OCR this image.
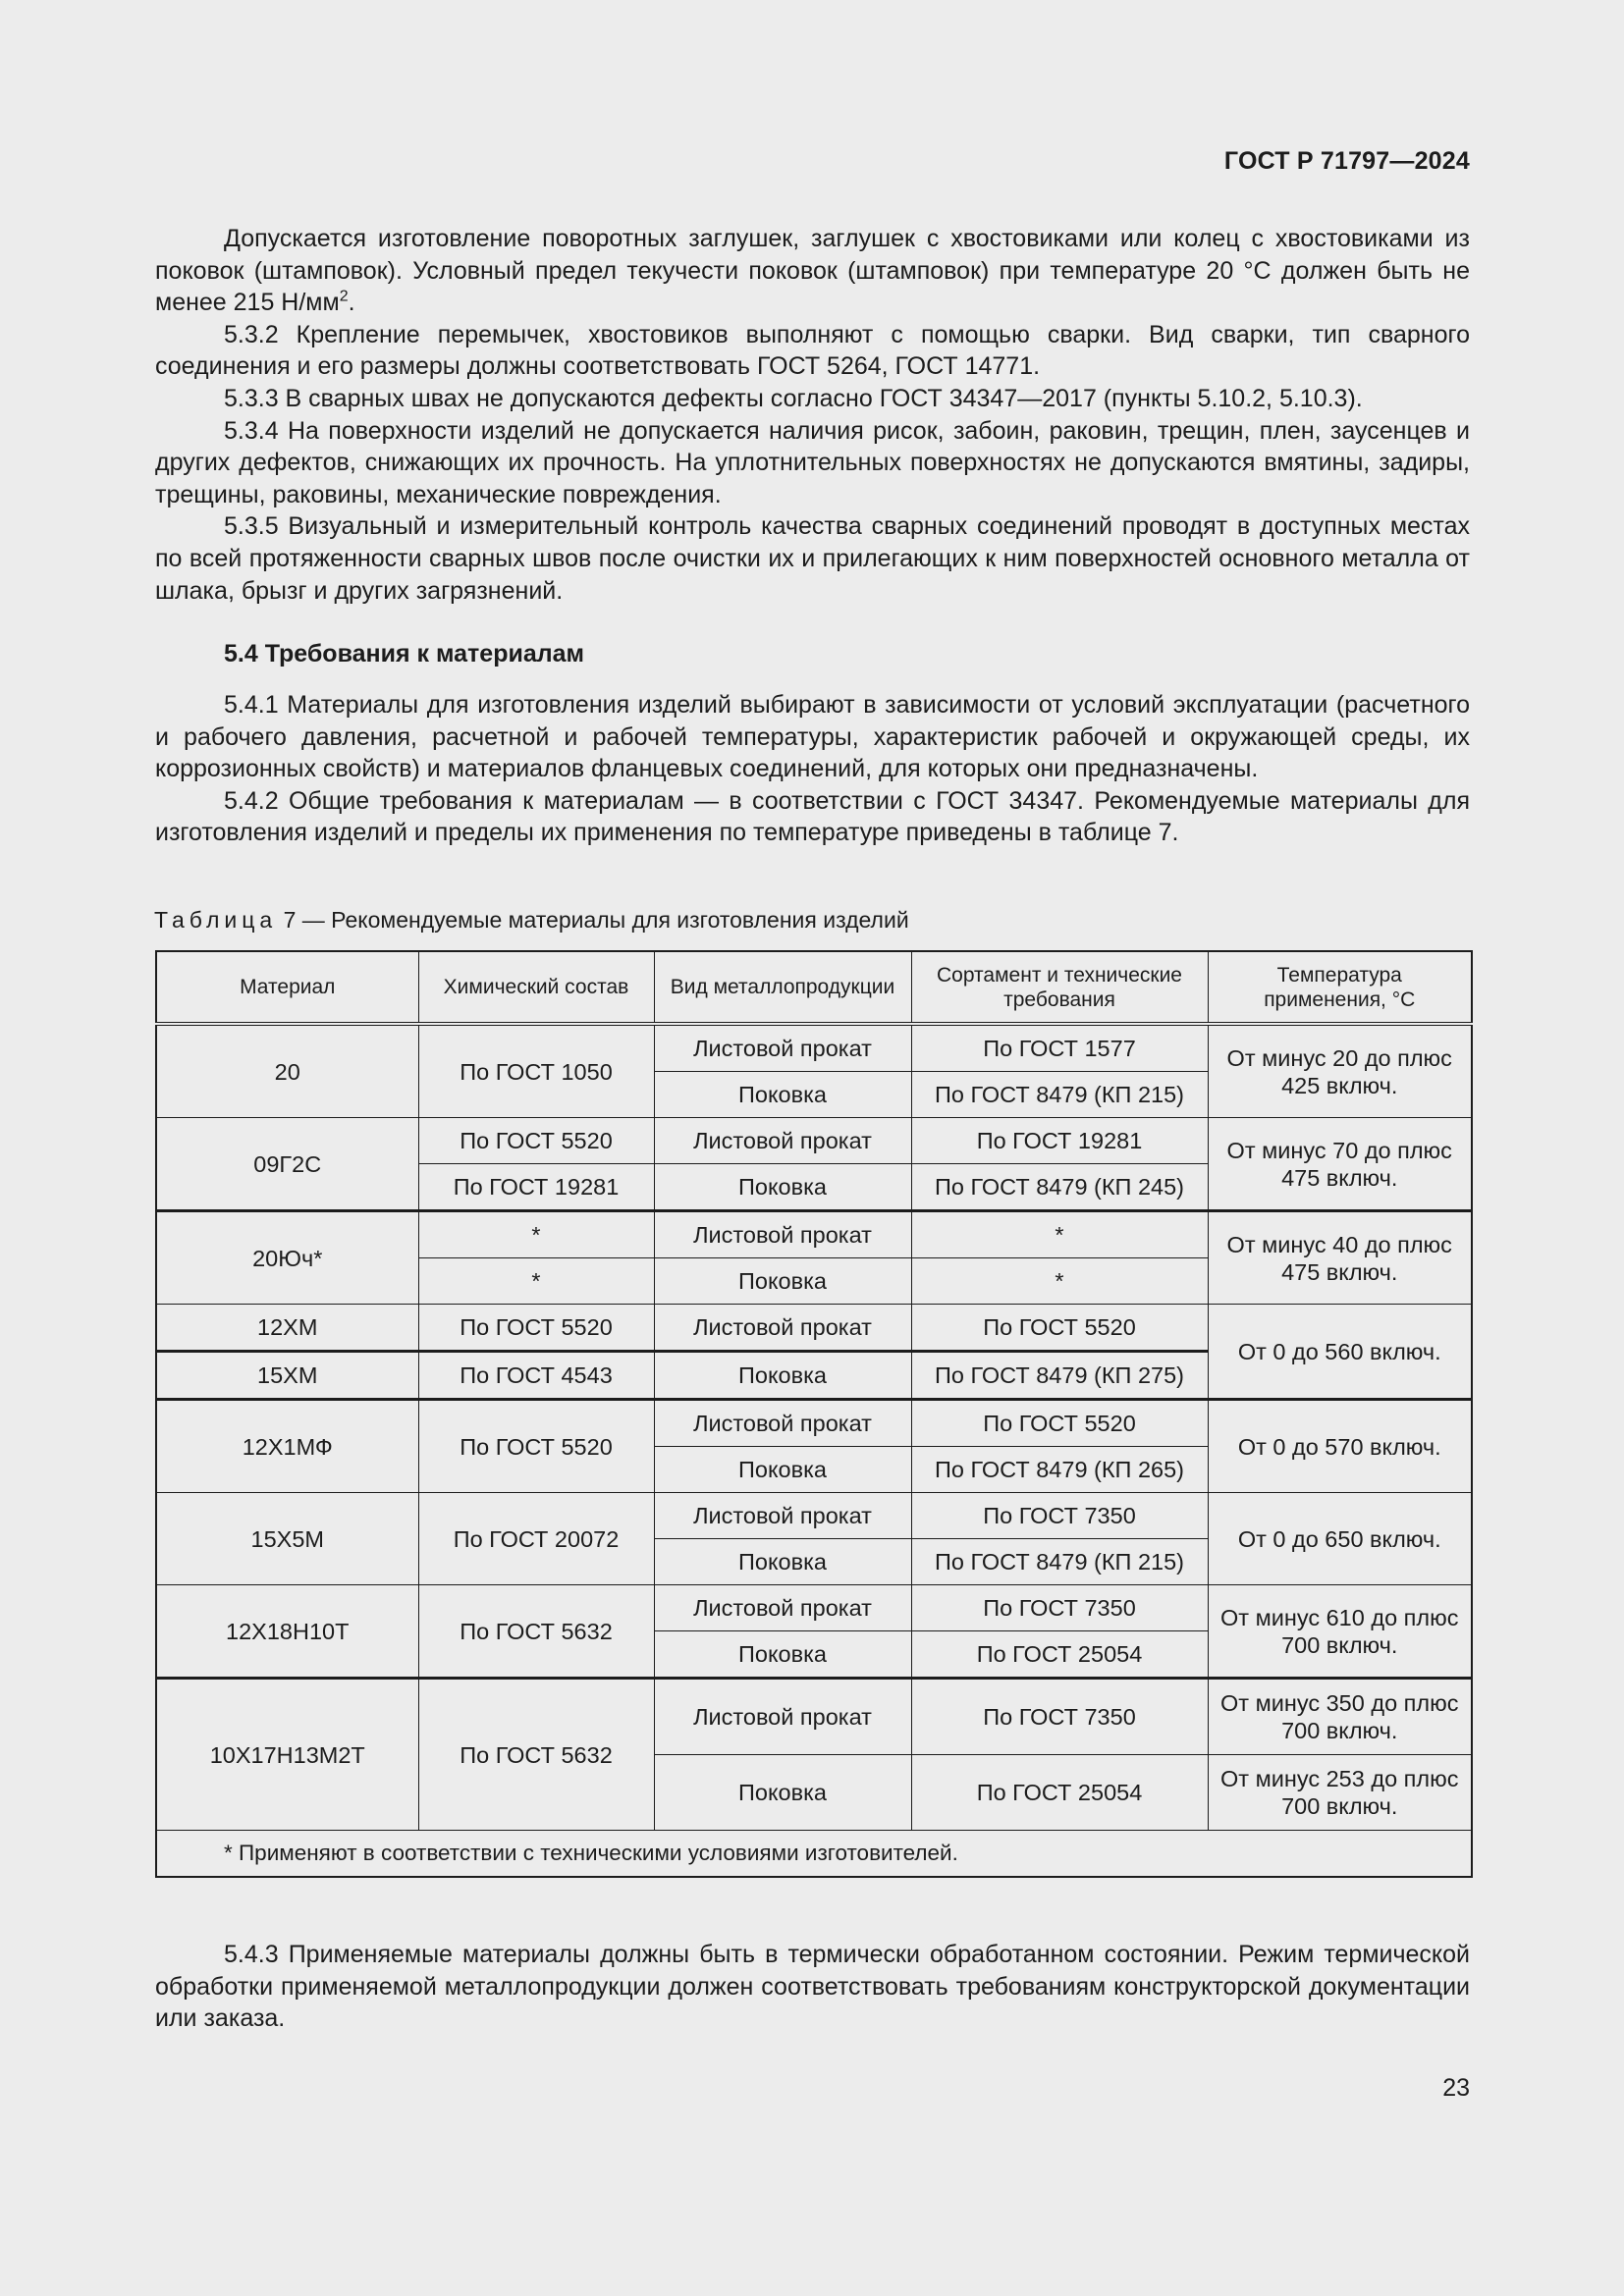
ГОСТ Р 71797—2024

Допускается изготовление поворотных заглушек, заглушек с хвостовиками или колец с хвостовиками из поковок (штамповок). Условный предел текучести поковок (штамповок) при температуре 20 °С должен быть не менее 215 $Н/мм^2$.

5.3.2 Крепление перемычек, хвостовиков выполняют с помощью сварки. Вид сварки, тип сварного соединения и его размеры должны соответствовать ГОСТ 5264, ГОСТ 14771.

5.3.3 В сварных швах не допускаются дефекты согласно ГОСТ 34347—2017 (пункты 5.10.2, 5.10.3).

5.3.4 На поверхности изделий не допускается наличия рисок, забоин, раковин, трещин, плен, заусенцев и других дефектов, снижающих их прочность. На уплотнительных поверхностях не допускаются вмятины, задиры, трещины, раковины, механические повреждения.

5.3.5 Визуальный и измерительный контроль качества сварных соединений проводят в доступных местах по всей протяженности сварных швов после очистки их и прилегающих к ним поверхностей основного металла от шлака, брызг и других загрязнений.

5.4 Требования к материалам

5.4.1 Материалы для изготовления изделий выбирают в зависимости от условий эксплуатации (расчетного и рабочего давления, расчетной и рабочей температуры, характеристик рабочей и окружающей среды, их коррозионных свойств) и материалов фланцевых соединений, для которых они предназначены.

5.4.2 Общие требования к материалам — в соответствии с ГОСТ 34347. Рекомендуемые материалы для изготовления изделий и пределы их применения по температуре приведены в таблице 7.

Таблица 7 — Рекомендуемые материалы для изготовления изделий
Материал	Химический состав	Вид металлопродукции	Сортамент и технические требования	Температура применения, °С
20	По ГОСТ 1050	Листовой прокат	По ГОСТ 1577	От минус 20 до плюс 425 включ.
		Поковка	По ГОСТ 8479 (КП 215)	
09Г2С	По ГОСТ 5520	Листовой прокат	По ГОСТ 19281	От минус 70 до плюс 475 включ.
	По ГОСТ 19281	Поковка	По ГОСТ 8479 (КП 245)	
20Юч*	*	Листовой прокат	*	От минус 40 до плюс 475 включ.
	*	Поковка	*	
12ХМ	По ГОСТ 5520	Листовой прокат	По ГОСТ 5520	От 0 до 560 включ.
15ХМ	По ГОСТ 4543	Поковка	По ГОСТ 8479 (КП 275)	
12Х1МФ	По ГОСТ 5520	Листовой прокат	По ГОСТ 5520	От 0 до 570 включ.
		Поковка	По ГОСТ 8479 (КП 265)	
15Х5М	По ГОСТ 20072	Листовой прокат	По ГОСТ 7350	От 0 до 650 включ.
		Поковка	По ГОСТ 8479 (КП 215)	
12Х18Н10Т	По ГОСТ 5632	Листовой прокат	По ГОСТ 7350	От минус 610 до плюс 700 включ.
		Поковка	По ГОСТ 25054	
10Х17Н13М2Т	По ГОСТ 5632	Листовой прокат	По ГОСТ 7350	От минус 350 до плюс 700 включ.
		Поковка	По ГОСТ 25054	От минус 253 до плюс 700 включ.
* Применяют в соответствии с техническими условиями изготовителей.				

5.4.3 Применяемые материалы должны быть в термически обработанном состоянии. Режим термической обработки применяемой металлопродукции должен соответствовать требованиям конструкторской документации или заказа.

23
